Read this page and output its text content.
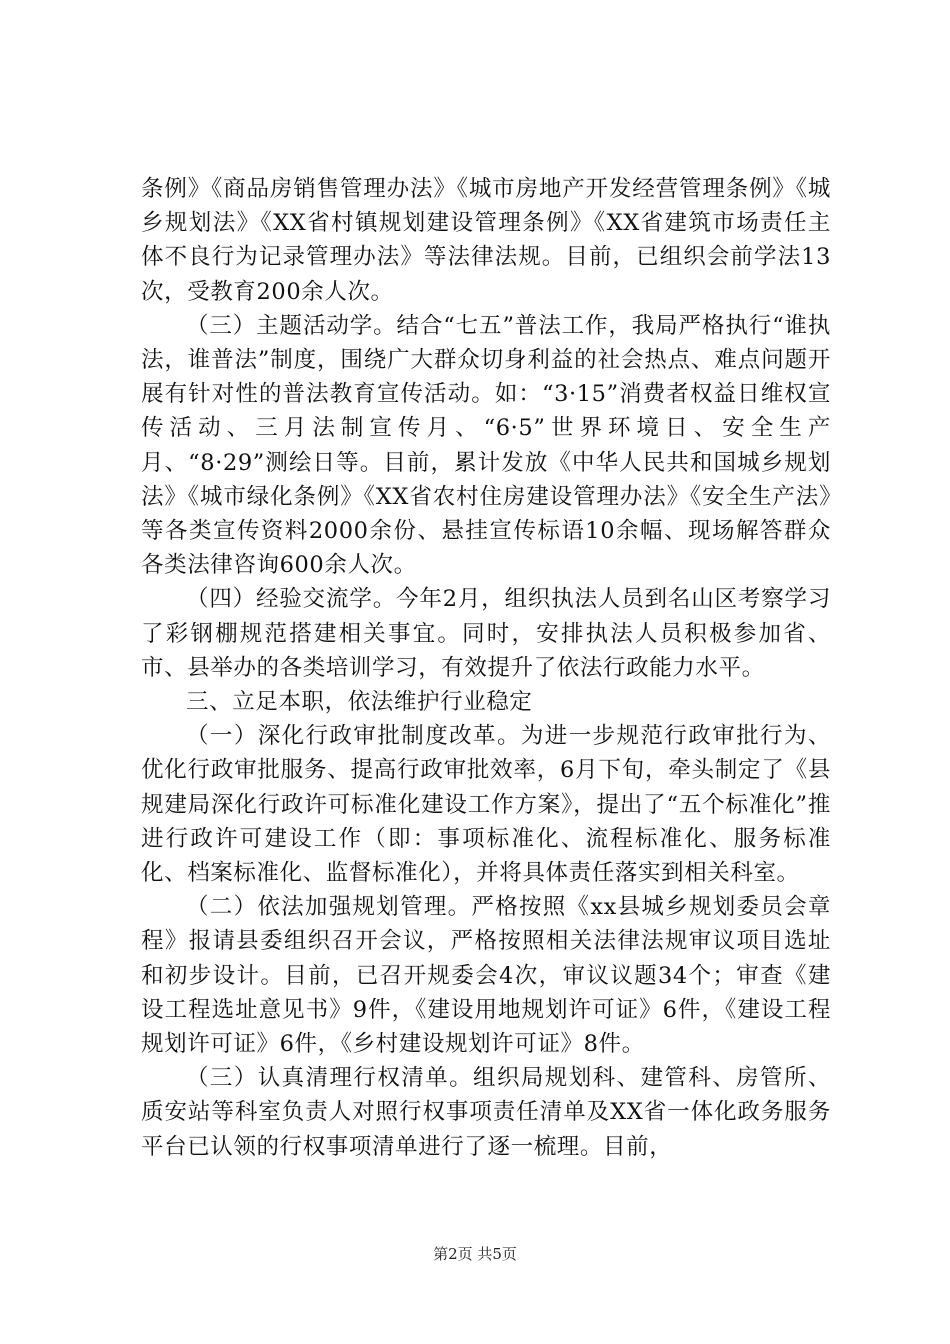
条例》《商品房销售管理办法》《城市房地产开发经营管理条例》《城乡规划法》《XX省村镇规划建设管理条例》《XX省建筑市场责任主体不良行为记录管理办法》等法律法规。目前，已组织会前学法13次，受教育200余人次。

（三）主题活动学。结合“七五”普法工作，我局严格执行“谁执法，谁普法”制度，围绕广大群众切身利益的社会热点、难点问题开展有针对性的普法教育宣传活动。如：“3·15”消费者权益日维权宣传活动、三月法制宣传月、“6·5”世界环境日、安全生产月、“8·29”测绘日等。目前，累计发放《中华人民共和国城乡规划法》《城市绿化条例》《XX省农村住房建设管理办法》《安全生产法》等各类宣传资料2000余份、悬挂宣传标语10余幅、现场解答群众各类法律咨询600余人次。

（四）经验交流学。今年2月，组织执法人员到名山区考察学习了彩钢棚规范搭建相关事宜。同时，安排执法人员积极参加省、市、县举办的各类培训学习，有效提升了依法行政能力水平。

三、立足本职，依法维护行业稳定

（一）深化行政审批制度改革。为进一步规范行政审批行为、优化行政审批服务、提高行政审批效率，6月下旬，牵头制定了《县规建局深化行政许可标准化建设工作方案》，提出了“五个标准化”推进行政许可建设工作（即：事项标准化、流程标准化、服务标准化、档案标准化、监督标准化），并将具体责任落实到相关科室。

（二）依法加强规划管理。严格按照《xx县城乡规划委员会章程》报请县委组织召开会议，严格按照相关法律法规审议项目选址和初步设计。目前，已召开规委会4次，审议议题34个；审查《建设工程选址意见书》9件，《建设用地规划许可证》6件，《建设工程规划许可证》6件，《乡村建设规划许可证》8件。

（三）认真清理行权清单。组织局规划科、建管科、房管所、质安站等科室负责人对照行权事项责任清单及XX省一体化政务服务平台已认领的行权事项清单进行了逐一梳理。目前，

第2页 共5页
